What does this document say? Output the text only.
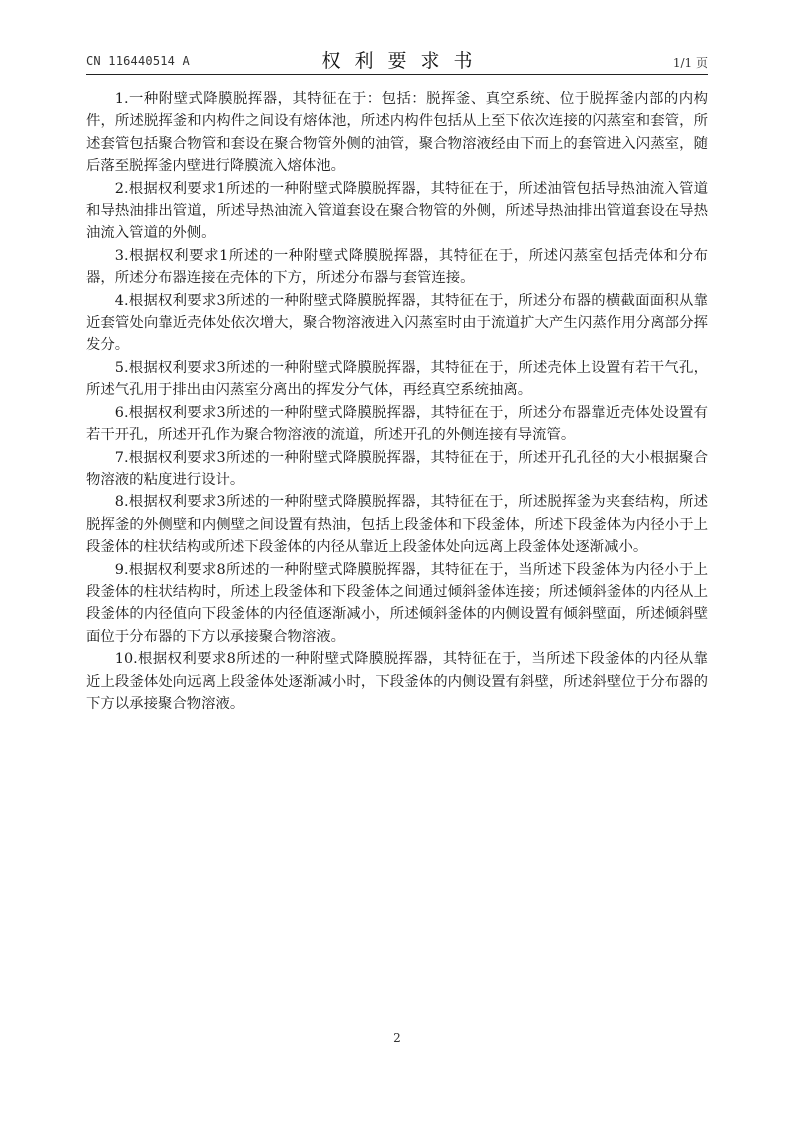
CN 116440514 A	权利要求书	1/1 页

1.一种附壁式降膜脱挥器，其特征在于：包括：脱挥釜、真空系统、位于脱挥釜内部的内构件，所述脱挥釜和内构件之间设有熔体池，所述内构件包括从上至下依次连接的闪蒸室和套管，所述套管包括聚合物管和套设在聚合物管外侧的油管，聚合物溶液经由下而上的套管进入闪蒸室，随后落至脱挥釜内壁进行降膜流入熔体池。

2.根据权利要求1所述的一种附壁式降膜脱挥器，其特征在于，所述油管包括导热油流入管道和导热油排出管道，所述导热油流入管道套设在聚合物管的外侧，所述导热油排出管道套设在导热油流入管道的外侧。

3.根据权利要求1所述的一种附壁式降膜脱挥器，其特征在于，所述闪蒸室包括壳体和分布器，所述分布器连接在壳体的下方，所述分布器与套管连接。

4.根据权利要求3所述的一种附壁式降膜脱挥器，其特征在于，所述分布器的横截面面积从靠近套管处向靠近壳体处依次增大，聚合物溶液进入闪蒸室时由于流道扩大产生闪蒸作用分离部分挥发分。

5.根据权利要求3所述的一种附壁式降膜脱挥器，其特征在于，所述壳体上设置有若干气孔，所述气孔用于排出由闪蒸室分离出的挥发分气体，再经真空系统抽离。

6.根据权利要求3所述的一种附壁式降膜脱挥器，其特征在于，所述分布器靠近壳体处设置有若干开孔，所述开孔作为聚合物溶液的流道，所述开孔的外侧连接有导流管。

7.根据权利要求3所述的一种附壁式降膜脱挥器，其特征在于，所述开孔孔径的大小根据聚合物溶液的粘度进行设计。

8.根据权利要求3所述的一种附壁式降膜脱挥器，其特征在于，所述脱挥釜为夹套结构，所述脱挥釜的外侧壁和内侧壁之间设置有热油，包括上段釜体和下段釜体，所述下段釜体为内径小于上段釜体的柱状结构或所述下段釜体的内径从靠近上段釜体处向远离上段釜体处逐渐减小。

9.根据权利要求8所述的一种附壁式降膜脱挥器，其特征在于，当所述下段釜体为内径小于上段釜体的柱状结构时，所述上段釜体和下段釜体之间通过倾斜釜体连接；所述倾斜釜体的内径从上段釜体的内径值向下段釜体的内径值逐渐减小，所述倾斜釜体的内侧设置有倾斜壁面，所述倾斜壁面位于分布器的下方以承接聚合物溶液。

10.根据权利要求8所述的一种附壁式降膜脱挥器，其特征在于，当所述下段釜体的内径从靠近上段釜体处向远离上段釜体处逐渐减小时，下段釜体的内侧设置有斜壁，所述斜壁位于分布器的下方以承接聚合物溶液。

2
